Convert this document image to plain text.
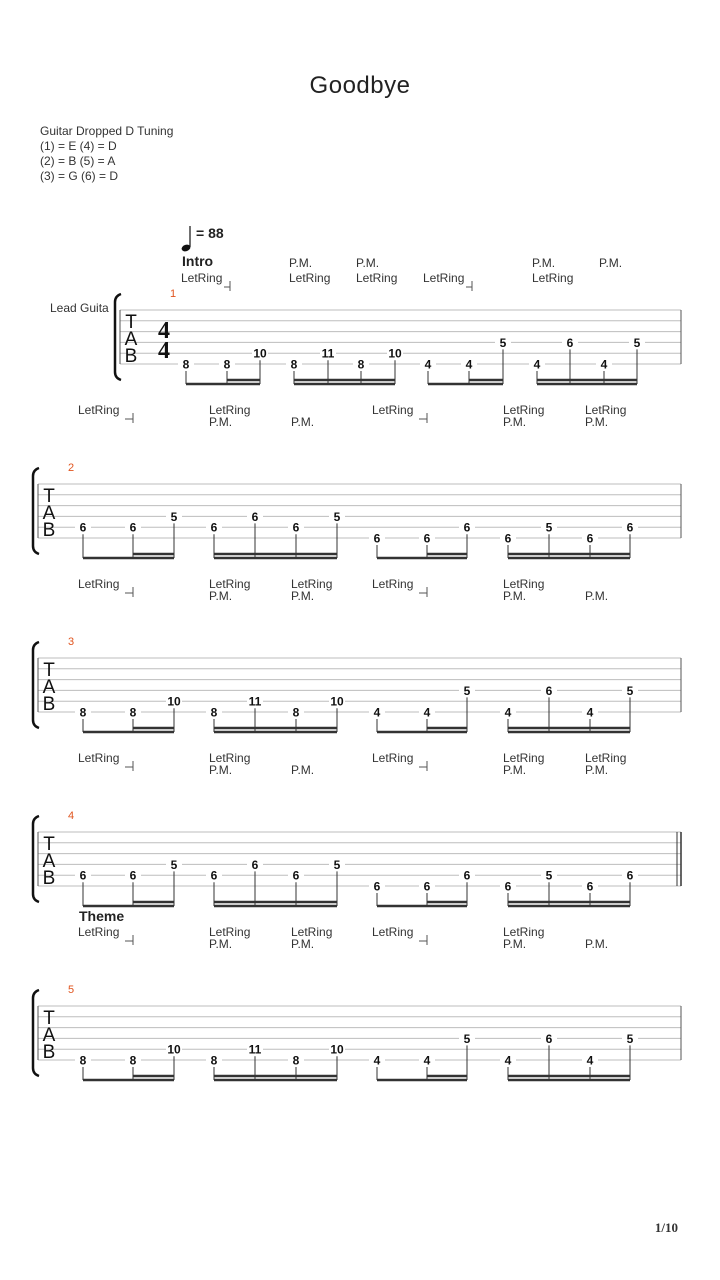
Goodbye
Guitar Dropped D Tuning
(1) = E (4) = D
(2) = B (5) = A
(3) = G (6) = D
T
A
B
1
4
4
Lead Guita
= 88
Intro
8
LetRing
8
10
8
P.M.
LetRing
11
8
P.M.
LetRing
10
4
LetRing
4
5
4
P.M.
LetRing
6
4
P.M.
5
T
A
B
2
6
LetRing
6
5
6
P.M.
LetRing
6
6
P.M.
5
6
LetRing
6
6
6
P.M.
LetRing
5
6
P.M.
LetRing
6
T
A
B
3
8
LetRing
8
10
8
P.M.
LetRing
11
8
P.M.
LetRing
10
4
LetRing
4
5
4
P.M.
LetRing
6
4
P.M.
5
T
A
B
4
6
LetRing
6
5
6
P.M.
LetRing
6
6
P.M.
5
6
LetRing
6
6
6
P.M.
LetRing
5
6
P.M.
LetRing
6
T
A
B
5
Theme
8
LetRing
8
10
8
P.M.
LetRing
11
8
P.M.
LetRing
10
4
LetRing
4
5
4
P.M.
LetRing
6
4
P.M.
5
1/10
